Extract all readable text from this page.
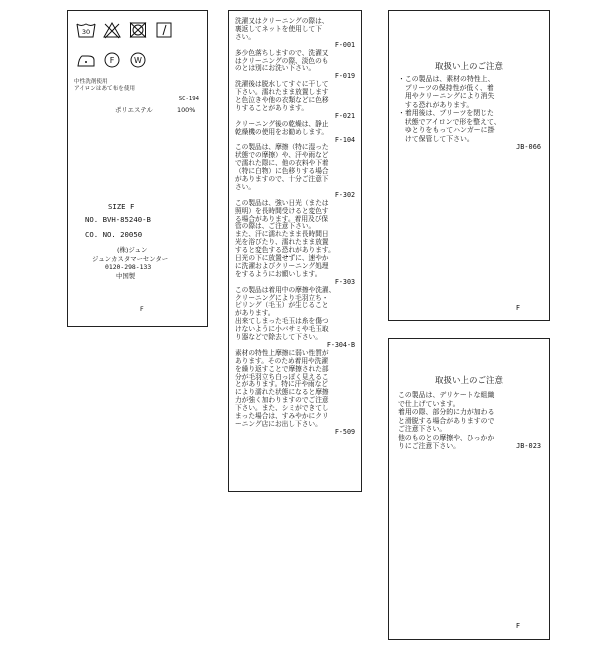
30
F W
中性洗剤使用
アイロンはあて布を使用
SC-194
ポリエステル	100%
SIZE F
NO. BVH-85240-B
CO. NO. 20050
(株)ジュン
ジュンカスタマーセンター
0120-298-133
中国製
F
洗濯又はクリーニングの際は、
裏返してネットを使用して下
さい。
F-001
多少色落ちしますので、洗濯又
はクリーニングの際、淡色のも
のとは別にお洗い下さい。
F-019
洗濯後は脱水してすぐに干して
下さい。濡れたまま放置します
と色泣きや他の衣類などに色移
りすることがあります。
F-021
クリーニング後の乾燥は、静止
乾燥機の使用をお勧めします。
F-104
この製品は、摩擦（特に湿った
状態での摩擦）や、汗や雨など
で濡れた際に、他の衣料や下着
（特に白物）に色移りする場合
がありますので、十分ご注意下
さい。
F-302
この製品は、強い日光（または
照明）を長時間受けると変色す
る場合があります。着用及び保
管の際は、ご注意下さい。
また、汗に濡れたまま長時間日
光を浴びたり、濡れたまま放置
すると変色する恐れがあります。
日光の下に放置せずに、速やか
に洗濯およびクリーニング処理
をするようにお願いします。
F-303
この製品は着用中の摩擦や洗濯、
クリーニングにより毛羽立ち・
ピリング（毛玉）が生じること
があります。
出来てしまった毛玉は糸を傷つ
けないように小バサミや毛玉取
り器などで除去して下さい。
F-304-B
素材の特性上摩擦に弱い性質が
あります。そのため着用や洗濯
を繰り返すことで摩擦された部
分が毛羽立ち白っぽく見えるこ
とがあります。特に汗や雨など
により濡れた状態になると摩擦
力が強く加わりますのでご注意
下さい。また、シミができてし
まった場合は、すみやかにクリ
ーニング店にお出し下さい。
F-509
取扱い上のご注意
・この製品は、素材の特性上、
　プリーツの保持性が低く、着
　用やクリーニングにより消失
　する恐れがあります。
・着用後は、プリーツを閉じた
　状態でアイロンで形を整えて、
　ゆとりをもってハンガーに掛
　けて保管して下さい。
JB-066
F
取扱い上のご注意
この製品は、デリケートな組織
で仕上げています。
着用の際、部分的に力が加わる
と滑脱する場合がありますので
ご注意下さい。
他のものとの摩擦や、ひっかか
りにご注意下さい。	JB-023
F
